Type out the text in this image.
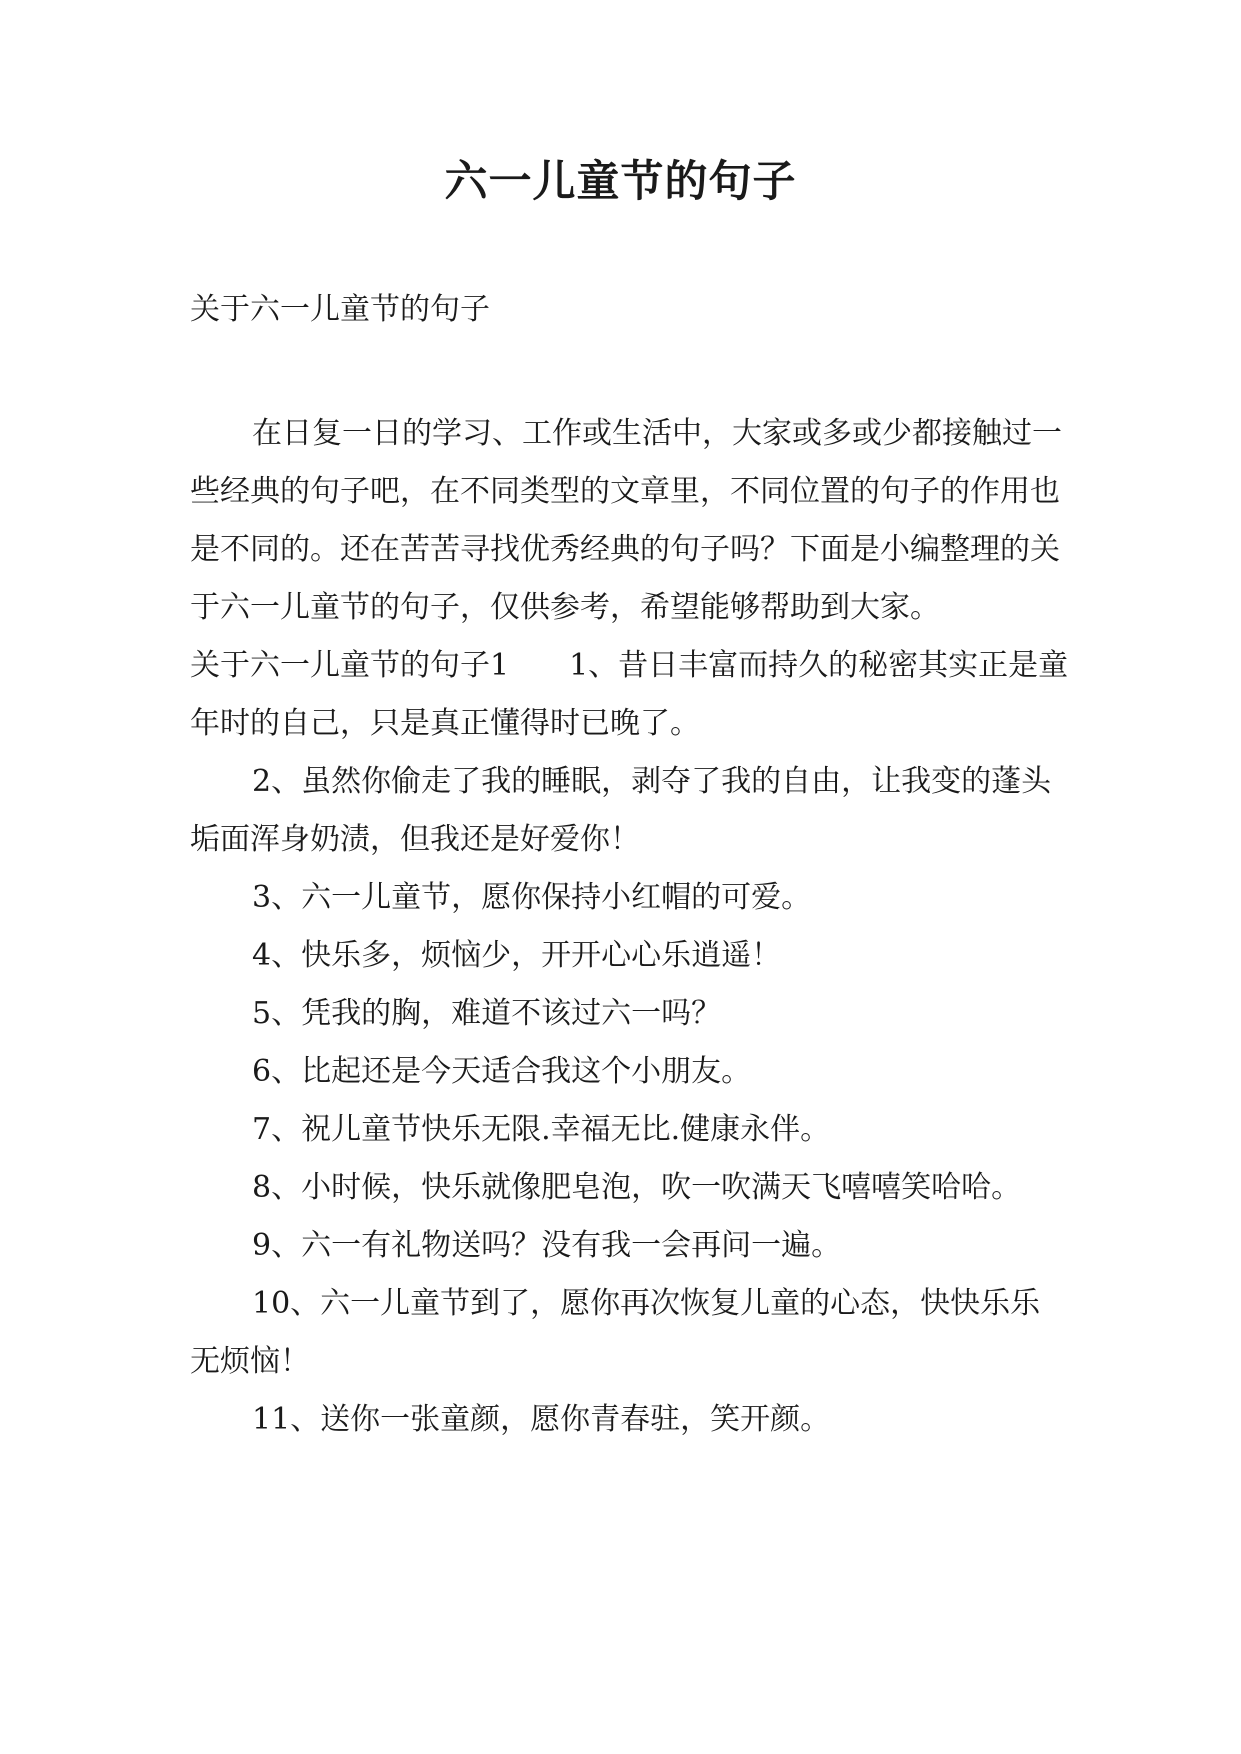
六一儿童节的句子
关于六一儿童节的句子

在日复一日的学习、工作或生活中，大家或多或少都接触过一些经典的句子吧，在不同类型的文章里，不同位置的句子的作用也是不同的。还在苦苦寻找优秀经典的句子吗？下面是小编整理的关于六一儿童节的句子，仅供参考，希望能够帮助到大家。

关于六一儿童节的句子1 1、昔日丰富而持久的秘密其实正是童年时的自己，只是真正懂得时已晚了。

2、虽然你偷走了我的睡眠，剥夺了我的自由，让我变的蓬头垢面浑身奶渍，但我还是好爱你！

3、六一儿童节，愿你保持小红帽的可爱。

4、快乐多，烦恼少，开开心心乐逍遥！

5、凭我的胸，难道不该过六一吗？

6、比起还是今天适合我这个小朋友。

7、祝儿童节快乐无限.幸福无比.健康永伴。

8、小时候，快乐就像肥皂泡，吹一吹满天飞嘻嘻笑哈哈。

9、六一有礼物送吗？没有我一会再问一遍。

10、六一儿童节到了，愿你再次恢复儿童的心态，快快乐乐无烦恼！

11、送你一张童颜，愿你青春驻，笑开颜。
